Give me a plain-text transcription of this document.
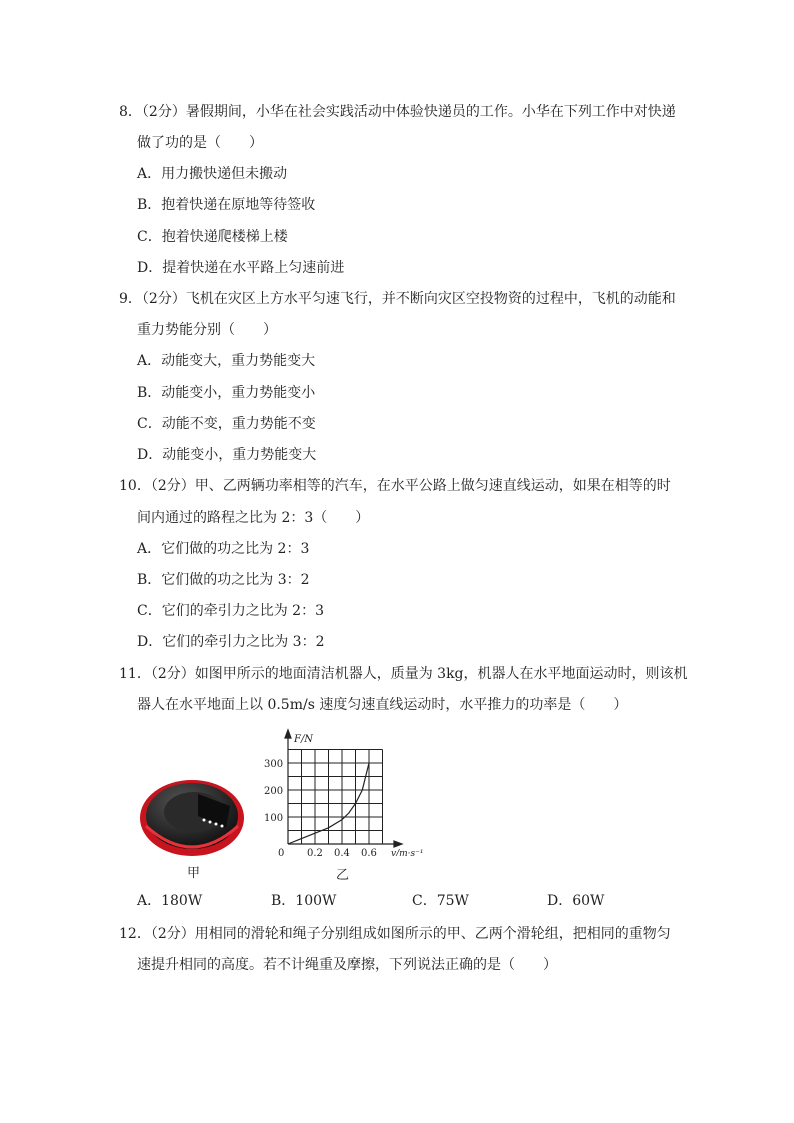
8．（2分）暑假期间，小华在社会实践活动中体验快递员的工作。小华在下列工作中对快递
做了功的是（　　）
A．用力搬快递但未搬动
B．抱着快递在原地等待签收
C．抱着快递爬楼梯上楼
D．提着快递在水平路上匀速前进
9．（2分）飞机在灾区上方水平匀速飞行，并不断向灾区空投物资的过程中，飞机的动能和
重力势能分别（　　）
A．动能变大，重力势能变大
B．动能变小，重力势能变小
C．动能不变，重力势能不变
D．动能变小，重力势能变大
10．（2分）甲、乙两辆功率相等的汽车，在水平公路上做匀速直线运动，如果在相等的时
间内通过的路程之比为 2：3（　　）
A．它们做的功之比为 2：3
B．它们做的功之比为 3：2
C．它们的牵引力之比为 2：3
D．它们的牵引力之比为 3：2
11．（2分）如图甲所示的地面清洁机器人，质量为 3kg，机器人在水平地面运动时，则该机
器人在水平地面上以 0.5m/s 速度匀速直线运动时，水平推力的功率是（　　）
甲
300
200
100
0 0.2 0.4 0.6
F/N
v/m·s⁻¹
乙
A．180W	B．100W	C．75W	D．60W
12．（2分）用相同的滑轮和绳子分别组成如图所示的甲、乙两个滑轮组，把相同的重物匀
速提升相同的高度。若不计绳重及摩擦，下列说法正确的是（　　）
